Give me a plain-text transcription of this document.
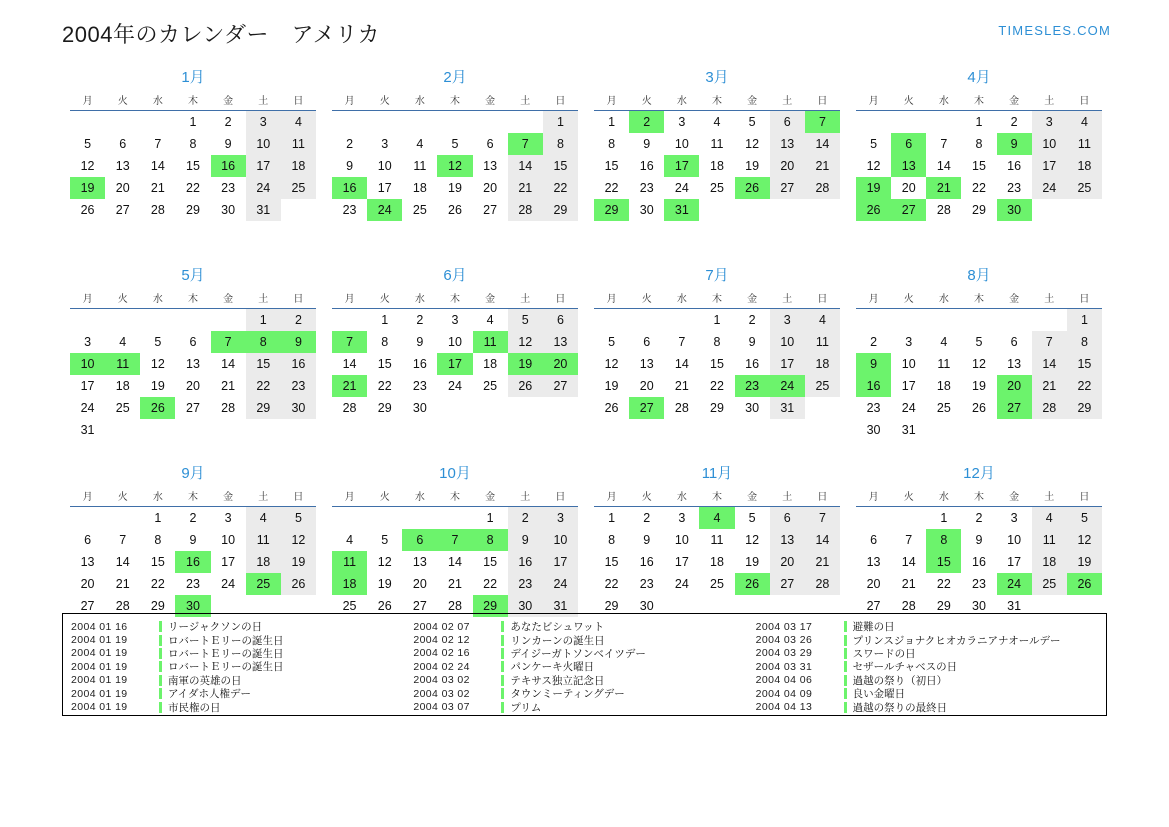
2004年のカレンダー　アメリカ	TIMESLES.COM
1月
月	火	水	木	金	土	日
			1	2	3	4
5	6	7	8	9	10	11
12	13	14	15	16	17	18
19	20	21	22	23	24	25
26	27	28	29	30	31	
2月
月	火	水	木	金	土	日
						1
2	3	4	5	6	7	8
9	10	11	12	13	14	15
16	17	18	19	20	21	22
23	24	25	26	27	28	29
3月
月	火	水	木	金	土	日
1	2	3	4	5	6	7
8	9	10	11	12	13	14
15	16	17	18	19	20	21
22	23	24	25	26	27	28
29	30	31				
4月
月	火	水	木	金	土	日
			1	2	3	4
5	6	7	8	9	10	11
12	13	14	15	16	17	18
19	20	21	22	23	24	25
26	27	28	29	30		
5月
月	火	水	木	金	土	日
					1	2
3	4	5	6	7	8	9
10	11	12	13	14	15	16
17	18	19	20	21	22	23
24	25	26	27	28	29	30
31						
6月
月	火	水	木	金	土	日
	1	2	3	4	5	6
7	8	9	10	11	12	13
14	15	16	17	18	19	20
21	22	23	24	25	26	27
28	29	30				
7月
月	火	水	木	金	土	日
			1	2	3	4
5	6	7	8	9	10	11
12	13	14	15	16	17	18
19	20	21	22	23	24	25
26	27	28	29	30	31	
8月
月	火	水	木	金	土	日
						1
2	3	4	5	6	7	8
9	10	11	12	13	14	15
16	17	18	19	20	21	22
23	24	25	26	27	28	29
30	31					
9月
月	火	水	木	金	土	日
		1	2	3	4	5
6	7	8	9	10	11	12
13	14	15	16	17	18	19
20	21	22	23	24	25	26
27	28	29	30			
10月
月	火	水	木	金	土	日
				1	2	3
4	5	6	7	8	9	10
11	12	13	14	15	16	17
18	19	20	21	22	23	24
25	26	27	28	29	30	31
11月
月	火	水	木	金	土	日
1	2	3	4	5	6	7
8	9	10	11	12	13	14
15	16	17	18	19	20	21
22	23	24	25	26	27	28
29	30					
12月
月	火	水	木	金	土	日
		1	2	3	4	5
6	7	8	9	10	11	12
13	14	15	16	17	18	19
20	21	22	23	24	25	26
27	28	29	30	31		
2004 01 16	リージャクソンの日
2004 01 19	ロバートＥリーの誕生日
2004 01 19	ロバートＥリーの誕生日
2004 01 19	ロバートＥリーの誕生日
2004 01 19	南軍の英雄の日
2004 01 19	アイダホ人権デー
2004 01 19	市民権の日
2004 02 07	あなたビシュワット
2004 02 12	リンカーンの誕生日
2004 02 16	デイジーガトソンベイツデー
2004 02 24	パンケーキ火曜日
2004 03 02	テキサス独立記念日
2004 03 02	タウンミーティングデー
2004 03 07	プリム
2004 03 17	避難の日
2004 03 26	プリンスジョナクヒオカラニアナオールデー
2004 03 29	スワードの日
2004 03 31	セザールチャベスの日
2004 04 06	過越の祭り（初日）
2004 04 09	良い金曜日
2004 04 13	過越の祭りの最終日
